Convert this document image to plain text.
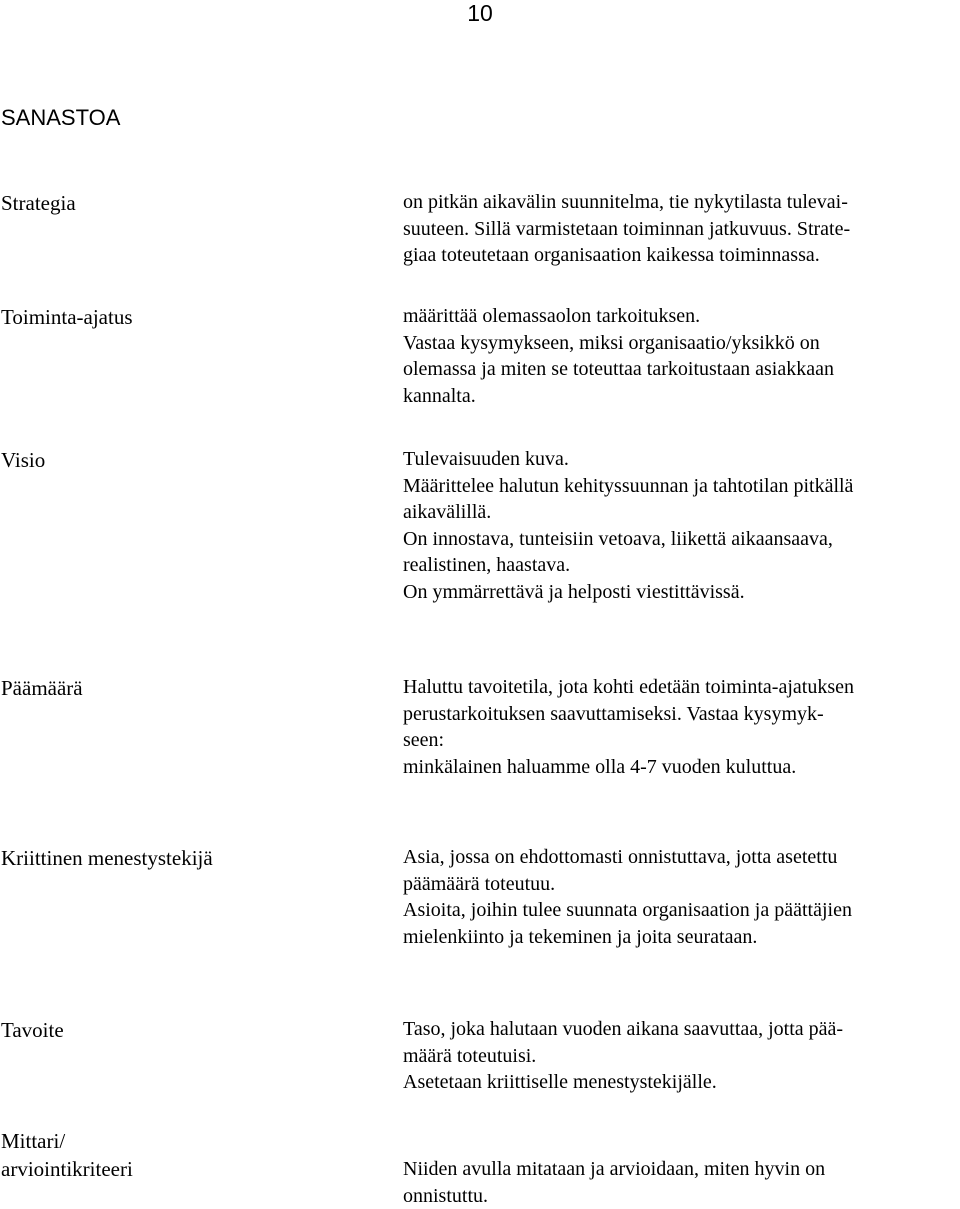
10
SANASTOA
Strategia	on pitkän aikavälin suunnitelma, tie nykytilasta tulevai-
suuteen. Sillä varmistetaan toiminnan jatkuvuus. Strate-
giaa toteutetaan organisaation kaikessa toiminnassa.
Toiminta-ajatus	määrittää olemassaolon tarkoituksen.
Vastaa kysymykseen, miksi organisaatio/yksikkö on
olemassa ja miten se toteuttaa tarkoitustaan asiakkaan
kannalta.
Visio	Tulevaisuuden kuva.
Määrittelee halutun kehityssuunnan ja tahtotilan pitkällä
aikavälillä.
On innostava, tunteisiin vetoava, liikettä aikaansaava,
realistinen, haastava.
On ymmärrettävä ja helposti viestittävissä.
Päämäärä	Haluttu tavoitetila, jota kohti edetään toiminta-ajatuksen
perustarkoituksen saavuttamiseksi. Vastaa kysymyk-
seen:
minkälainen haluamme olla 4-7 vuoden kuluttua.
Kriittinen menestystekijä	Asia, jossa on ehdottomasti onnistuttava, jotta asetettu
päämäärä toteutuu.
Asioita, joihin tulee suunnata organisaation ja päättäjien
mielenkiinto ja tekeminen ja joita seurataan.
Tavoite	Taso, joka halutaan vuoden aikana saavuttaa, jotta pää-
määrä toteutuisi.
Asetetaan kriittiselle menestystekijälle.
Mittari/
arviointikriteeri	Niiden avulla mitataan ja arvioidaan, miten hyvin on
onnistuttu.
